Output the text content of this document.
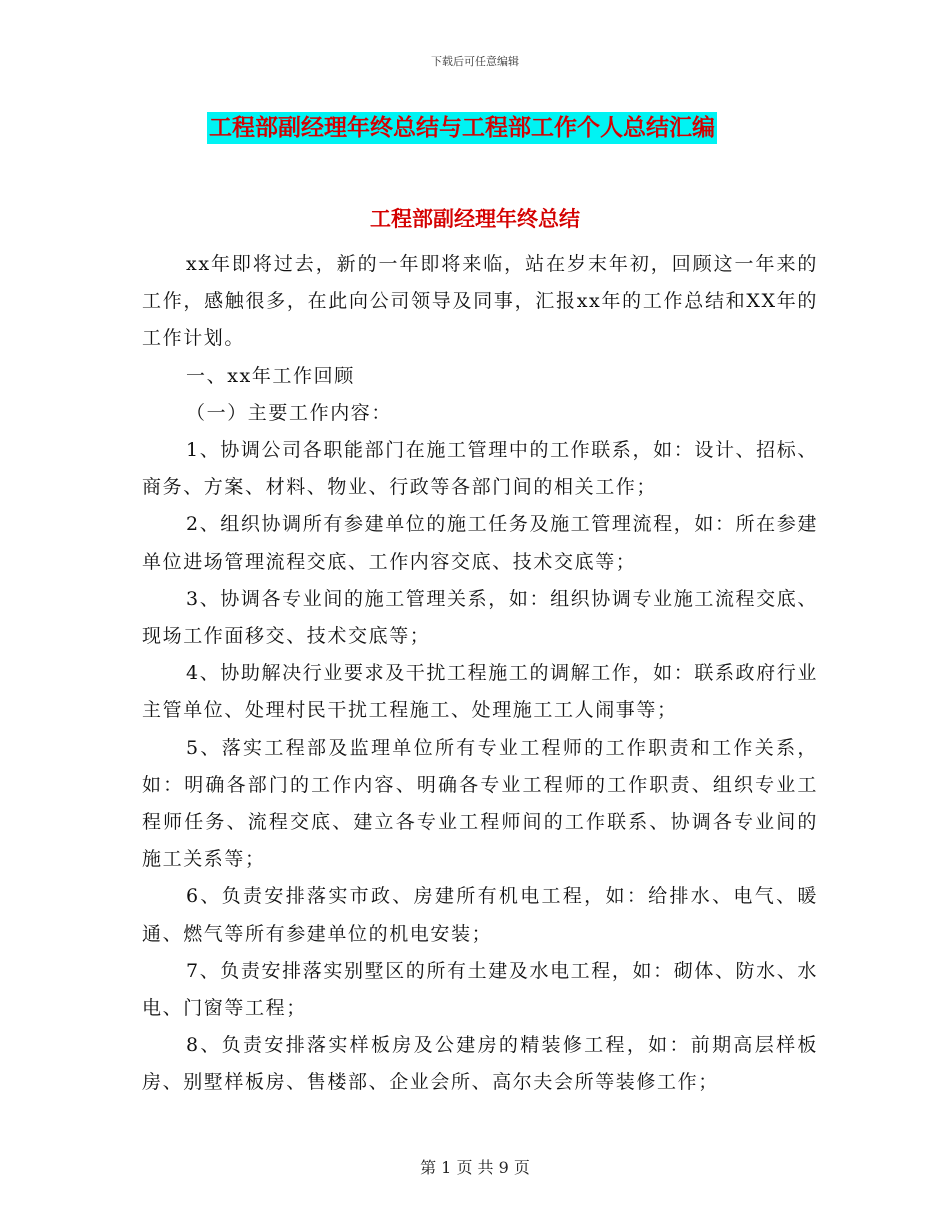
下载后可任意编辑
工程部副经理年终总结与工程部工作个人总结汇编
工程部副经理年终总结

xx年即将过去，新的一年即将来临，站在岁末年初，回顾这一年来的工作，感触很多，在此向公司领导及同事，汇报xx年的工作总结和XX年的工作计划。

一、xx年工作回顾

（一）主要工作内容：

1、协调公司各职能部门在施工管理中的工作联系，如：设计、招标、商务、方案、材料、物业、行政等各部门间的相关工作；

2、组织协调所有参建单位的施工任务及施工管理流程，如：所在参建单位进场管理流程交底、工作内容交底、技术交底等；

3、协调各专业间的施工管理关系，如：组织协调专业施工流程交底、现场工作面移交、技术交底等；

4、协助解决行业要求及干扰工程施工的调解工作，如：联系政府行业主管单位、处理村民干扰工程施工、处理施工工人闹事等；

5、落实工程部及监理单位所有专业工程师的工作职责和工作关系，如：明确各部门的工作内容、明确各专业工程师的工作职责、组织专业工程师任务、流程交底、建立各专业工程师间的工作联系、协调各专业间的施工关系等；

6、负责安排落实市政、房建所有机电工程，如：给排水、电气、暖通、燃气等所有参建单位的机电安装；

7、负责安排落实别墅区的所有土建及水电工程，如：砌体、防水、水电、门窗等工程；

8、负责安排落实样板房及公建房的精装修工程，如：前期高层样板房、别墅样板房、售楼部、企业会所、高尔夫会所等装修工作；

第 1 页 共 9 页
